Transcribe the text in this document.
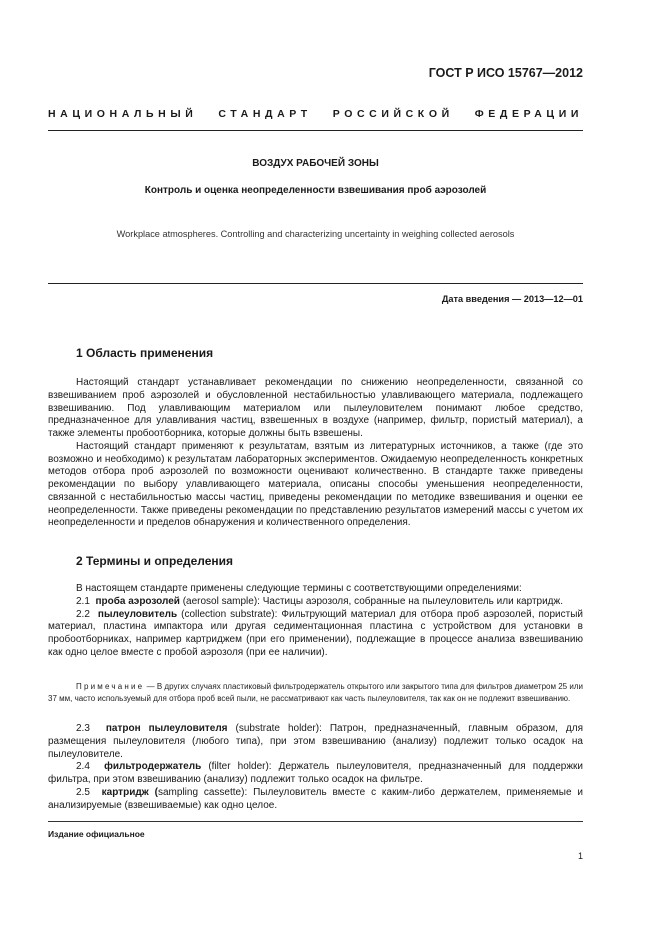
ГОСТ Р ИСО 15767—2012
НАЦИОНАЛЬНЫЙ СТАНДАРТ РОССИЙСКОЙ ФЕДЕРАЦИИ
ВОЗДУХ РАБОЧЕЙ ЗОНЫ
Контроль и оценка неопределенности взвешивания проб аэрозолей
Workplace atmospheres. Controlling and characterizing uncertainty in weighing collected aerosols
Дата введения — 2013—12—01
1 Область применения

Настоящий стандарт устанавливает рекомендации по снижению неопределенности, связанной со взвешиванием проб аэрозолей и обусловленной нестабильностью улавливающего материала, подлежащего взвешиванию. Под улавливающим материалом или пылеуловителем понимают любое средство, предназначенное для улавливания частиц, взвешенных в воздухе (например, фильтр, пористый материал), а также элементы пробоотборника, которые должны быть взвешены.

Настоящий стандарт применяют к результатам, взятым из литературных источников, а также (где это возможно и необходимо) к результатам лабораторных экспериментов. Ожидаемую неопределенность конкретных методов отбора проб аэрозолей по возможности оценивают количественно. В стандарте также приведены рекомендации по выбору улавливающего материала, описаны способы уменьшения неопределенности, связанной с нестабильностью массы частиц, приведены рекомендации по методике взвешивания и оценки ее неопределенности. Также приведены рекомендации по представлению результатов измерений массы с учетом их неопределенности и пределов обнаружения и количественного определения.

2 Термины и определения

В настоящем стандарте применены следующие термины с соответствующими определениями:

2.1 проба аэрозолей (aerosol sample): Частицы аэрозоля, собранные на пылеуловитель или картридж.

2.2 пылеуловитель (collection substrate): Фильтрующий материал для отбора проб аэрозолей, пористый материал, пластина импактора или другая седиментационная пластина с устройством для установки в пробоотборниках, например картриджем (при его применении), подлежащие в процессе анализа взвешиванию как одно целое вместе с пробой аэрозоля (при ее наличии).

Примечание — В других случаях пластиковый фильтродержатель открытого или закрытого типа для фильтров диаметром 25 или 37 мм, часто используемый для отбора проб всей пыли, не рассматривают как часть пылеуловителя, так как он не подлежит взвешиванию.

2.3 патрон пылеуловителя (substrate holder): Патрон, предназначенный, главным образом, для размещения пылеуловителя (любого типа), при этом взвешиванию (анализу) подлежит только осадок на пылеуловителе.

2.4 фильтродержатель (filter holder): Держатель пылеуловителя, предназначенный для поддержки фильтра, при этом взвешиванию (анализу) подлежит только осадок на фильтре.

2.5 картридж (sampling cassette): Пылеуловитель вместе с каким-либо держателем, применяемые и анализируемые (взвешиваемые) как одно целое.

Издание официальное
1
